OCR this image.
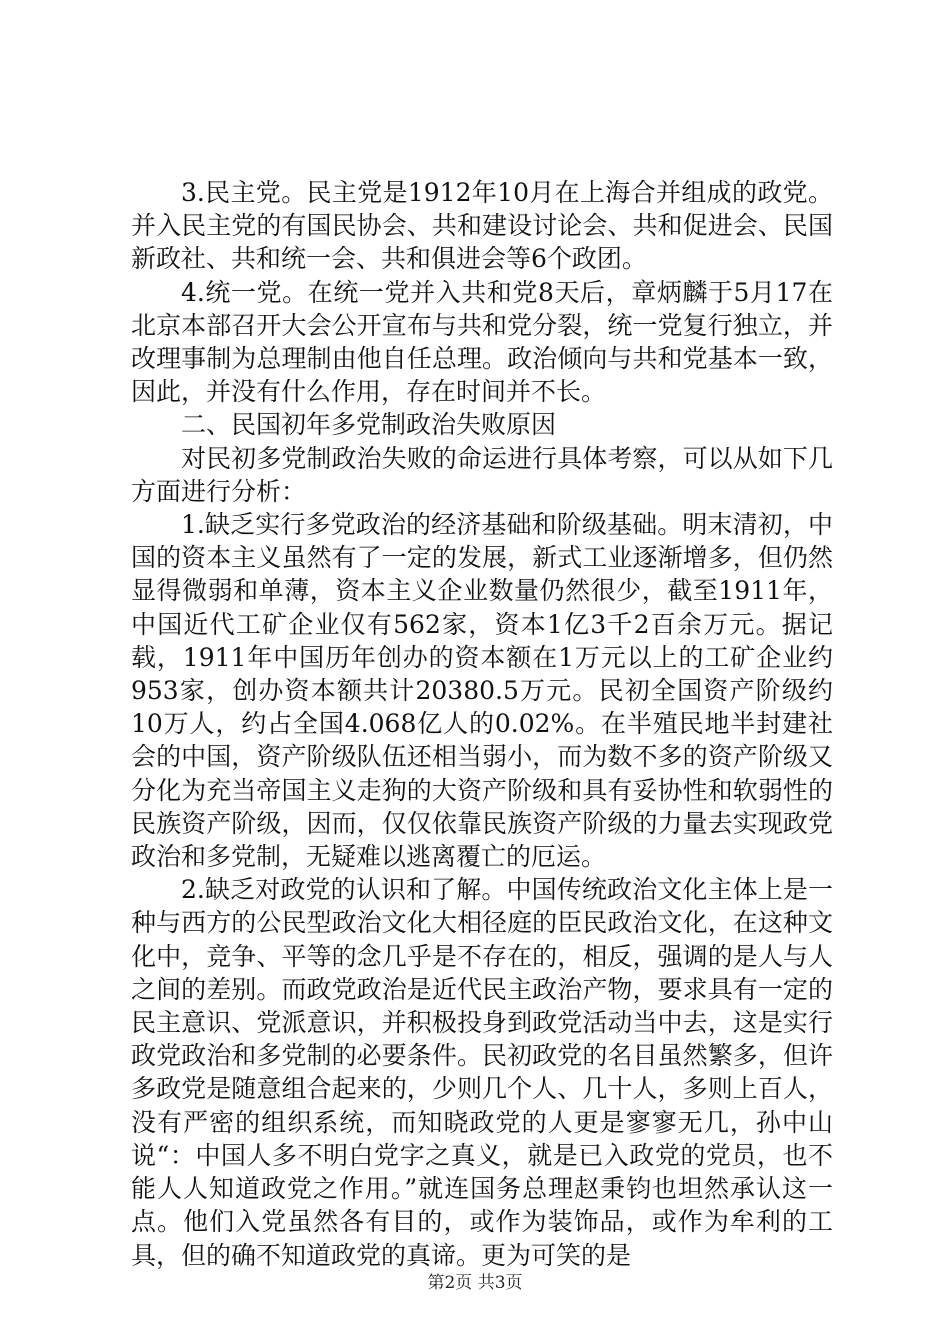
3.民主党。民主党是1912年10月在上海合并组成的政党。并入民主党的有国民协会、共和建设讨论会、共和促进会、民国新政社、共和统一会、共和俱进会等6个政团。

4.统一党。在统一党并入共和党8天后，章炳麟于5月17在北京本部召开大会公开宣布与共和党分裂，统一党复行独立，并改理事制为总理制由他自任总理。政治倾向与共和党基本一致，因此，并没有什么作用，存在时间并不长。

二、民国初年多党制政治失败原因

对民初多党制政治失败的命运进行具体考察，可以从如下几方面进行分析：

1.缺乏实行多党政治的经济基础和阶级基础。明末清初，中国的资本主义虽然有了一定的发展，新式工业逐渐增多，但仍然显得微弱和单薄，资本主义企业数量仍然很少，截至1911年，中国近代工矿企业仅有562家，资本1亿3千2百余万元。据记载，1911年中国历年创办的资本额在1万元以上的工矿企业约953家，创办资本额共计20380.5万元。民初全国资产阶级约10万人，约占全国4.068亿人的0.02%。在半殖民地半封建社会的中国，资产阶级队伍还相当弱小，而为数不多的资产阶级又分化为充当帝国主义走狗的大资产阶级和具有妥协性和软弱性的民族资产阶级，因而，仅仅依靠民族资产阶级的力量去实现政党政治和多党制，无疑难以逃离覆亡的厄运。

2.缺乏对政党的认识和了解。中国传统政治文化主体上是一种与西方的公民型政治文化大相径庭的臣民政治文化，在这种文化中，竞争、平等的念几乎是不存在的，相反，强调的是人与人之间的差别。而政党政治是近代民主政治产物，要求具有一定的民主意识、党派意识，并积极投身到政党活动当中去，这是实行政党政治和多党制的必要条件。民初政党的名目虽然繁多，但许多政党是随意组合起来的，少则几个人、几十人，多则上百人，没有严密的组织系统，而知晓政党的人更是寥寥无几，孙中山说“：中国人多不明白党字之真义，就是已入政党的党员，也不能人人知道政党之作用。”就连国务总理赵秉钧也坦然承认这一点。他们入党虽然各有目的，或作为装饰品，或作为牟利的工具，但的确不知道政党的真谛。更为可笑的是

第2页 共3页
